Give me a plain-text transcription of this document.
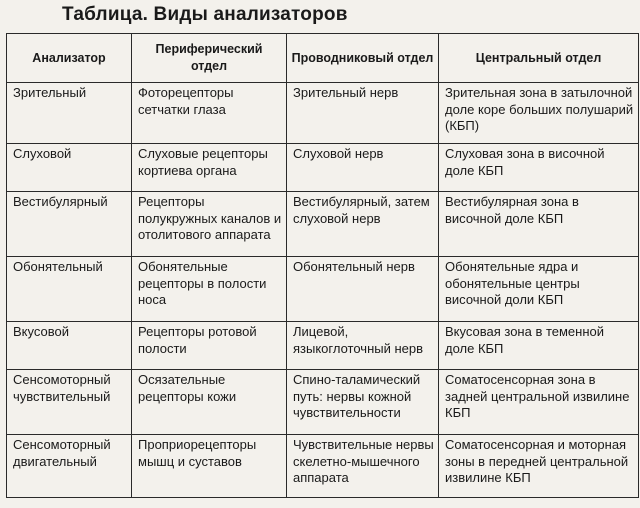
Таблица. Виды анализаторов
Анализатор	Периферический отдел	Проводниковый отдел	Центральный отдел
Зрительный	Фоторецепторы сетчатки глаза	Зрительный нерв	Зрительная зона в затылочной доле коре больших полушарий (КБП)
Слуховой	Слуховые рецепторы кортиева органа	Слуховой нерв	Слуховая зона в височной доле КБП
Вестибулярный	Рецепторы полукружных каналов и отолитового аппарата	Вестибулярный, затем слуховой нерв	Вестибулярная зона в височной доле КБП
Обонятельный	Обонятельные рецепторы в полости носа	Обонятельный нерв	Обонятельные ядра и обонятельные центры височной доли КБП
Вкусовой	Рецепторы ротовой полости	Лицевой, языкоглоточный нерв	Вкусовая зона в теменной доле КБП
Сенсомоторный чувствительный	Осязательные рецепторы кожи	Спино-таламический путь: нервы кожной чувствительности	Соматосенсорная зона в задней центральной извилине КБП
Сенсомоторный двигательный	Проприорецепторы мышц и суставов	Чувствительные нервы скелетно-мышечного аппарата	Соматосенсорная и моторная зоны в передней центральной извилине КБП
